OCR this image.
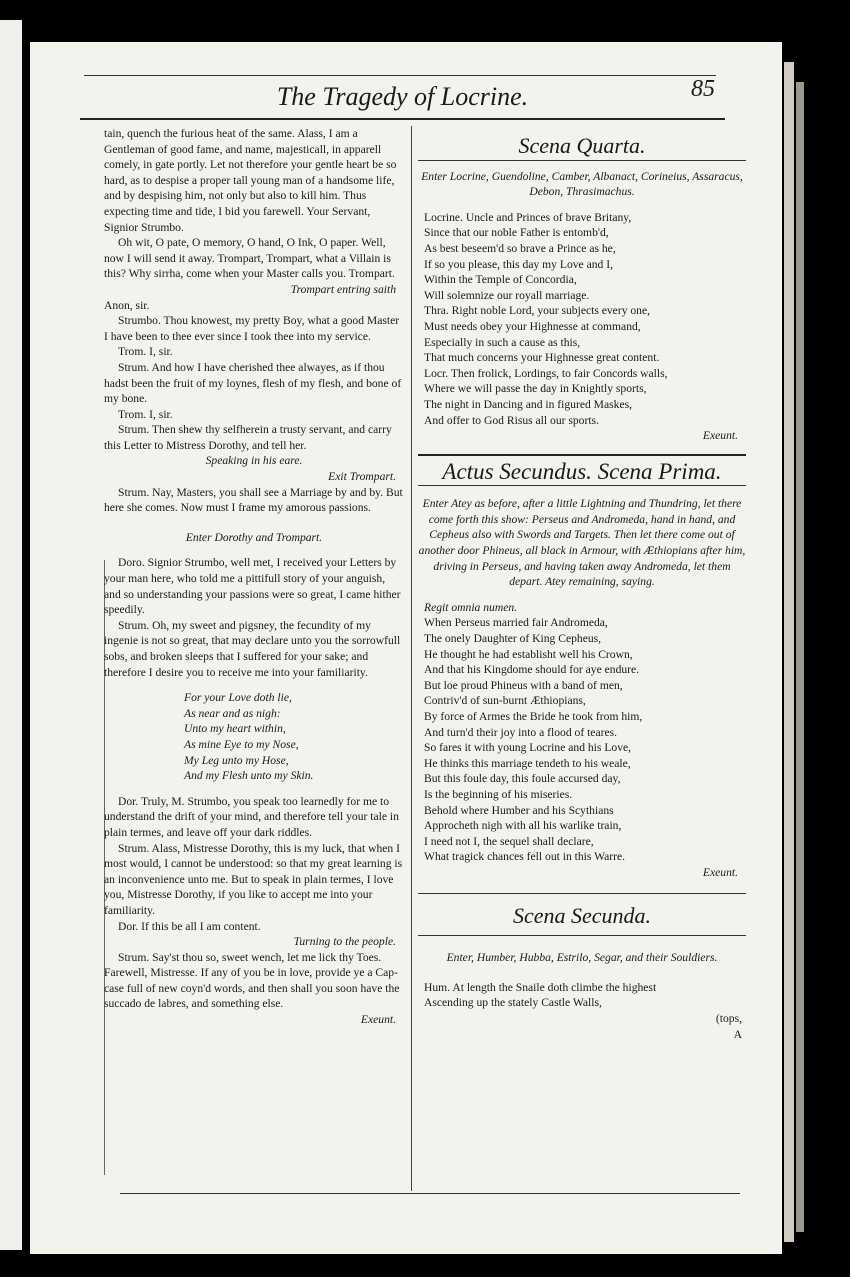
The Tragedy of Locrine.	85

tain, quench the furious heat of the same. Alass, I am a Gentleman of good fame, and name, majesticall, in apparell comely, in gate portly. Let not therefore your gentle heart be so hard, as to despise a proper tall young man of a handsome life, and by despising him, not only but also to kill him. Thus expecting time and tide, I bid you farewell. Your Servant, Signior Strumbo.

Oh wit, O pate, O memory, O hand, O Ink, O paper. Well, now I will send it away. Trompart, Trompart, what a Villain is this? Why sirrha, come when your Master calls you. Trompart.

Trompart entring saith

Anon, sir.

Strumbo. Thou knowest, my pretty Boy, what a good Master I have been to thee ever since I took thee into my service.

Trom. I, sir.

Strum. And how I have cherished thee alwayes, as if thou hadst been the fruit of my loynes, flesh of my flesh, and bone of my bone.

Trom. I, sir.

Strum. Then shew thy selfherein a trusty servant, and carry this Letter to Mistress Dorothy, and tell her.

Speaking in his eare.

Exit Trompart.

Strum. Nay, Masters, you shall see a Marriage by and by. But here she comes. Now must I frame my amorous passions.

Enter Dorothy and Trompart.

Doro. Signior Strumbo, well met, I received your Letters by your man here, who told me a pittifull story of your anguish, and so understanding your passions were so great, I came hither speedily.

Strum. Oh, my sweet and pigsney, the fecundity of my ingenie is not so great, that may declare unto you the sorrowfull sobs, and broken sleeps that I suffered for your sake; and therefore I desire you to receive me into your familiarity.

For your Love doth lie,
As near and as nigh:
Unto my heart within,
As mine Eye to my Nose,
My Leg unto my Hose,
And my Flesh unto my Skin.

Dor. Truly, M. Strumbo, you speak too learnedly for me to understand the drift of your mind, and therefore tell your tale in plain termes, and leave off your dark riddles.

Strum. Alass, Mistresse Dorothy, this is my luck, that when I most would, I cannot be understood: so that my great learning is an inconvenience unto me. But to speak in plain termes, I love you, Mistresse Dorothy, if you like to accept me into your familiarity.

Dor. If this be all I am content.

Turning to the people.

Strum. Say'st thou so, sweet wench, let me lick thy Toes. Farewell, Mistresse. If any of you be in love, provide ye a Cap-case full of new coyn'd words, and then shall you soon have the succado de labres, and something else.

Exeunt.

Scena Quarta.

Enter Locrine, Guendoline, Camber, Albanact, Corineius, Assaracus, Debon, Thrasimachus.

Locrine. Uncle and Princes of brave Britany,
Since that our noble Father is entomb'd,
As best beseem'd so brave a Prince as he,
If so you please, this day my Love and I,
Within the Temple of Concordia,
Will solemnize our royall marriage.
Thra. Right noble Lord, your subjects every one,
Must needs obey your Highnesse at command,
Especially in such a cause as this,
That much concerns your Highnesse great content.
Locr. Then frolick, Lordings, to fair Concords walls,
Where we will passe the day in Knightly sports,
The night in Dancing and in figured Maskes,
And offer to God Risus all our sports.

Exeunt.

Actus Secundus. Scena Prima.

Enter Atey as before, after a little Lightning and Thundring, let there come forth this show: Perseus and Andromeda, hand in hand, and Cepheus also with Swords and Targets. Then let there come out of another door Phineus, all black in Armour, with Æthiopians after him, driving in Perseus, and having taken away Andromeda, let them depart. Atey remaining, saying.

Regit omnia numen.

When Perseus married fair Andromeda,
The onely Daughter of King Cepheus,
He thought he had establisht well his Crown,
And that his Kingdome should for aye endure.
But loe proud Phineus with a band of men,
Contriv'd of sun-burnt Æthiopians,
By force of Armes the Bride he took from him,
And turn'd their joy into a flood of teares.
So fares it with young Locrine and his Love,
He thinks this marriage tendeth to his weale,
But this foule day, this foule accursed day,
Is the beginning of his miseries.
Behold where Humber and his Scythians
Approcheth nigh with all his warlike train,
I need not I, the sequel shall declare,
What tragick chances fell out in this Warre.

Exeunt.

Scena Secunda.

Enter, Humber, Hubba, Estrilo, Segar, and their Souldiers.

Hum. At length the Snaile doth climbe the highest
Ascending up the stately Castle Walls,
(tops,
A
